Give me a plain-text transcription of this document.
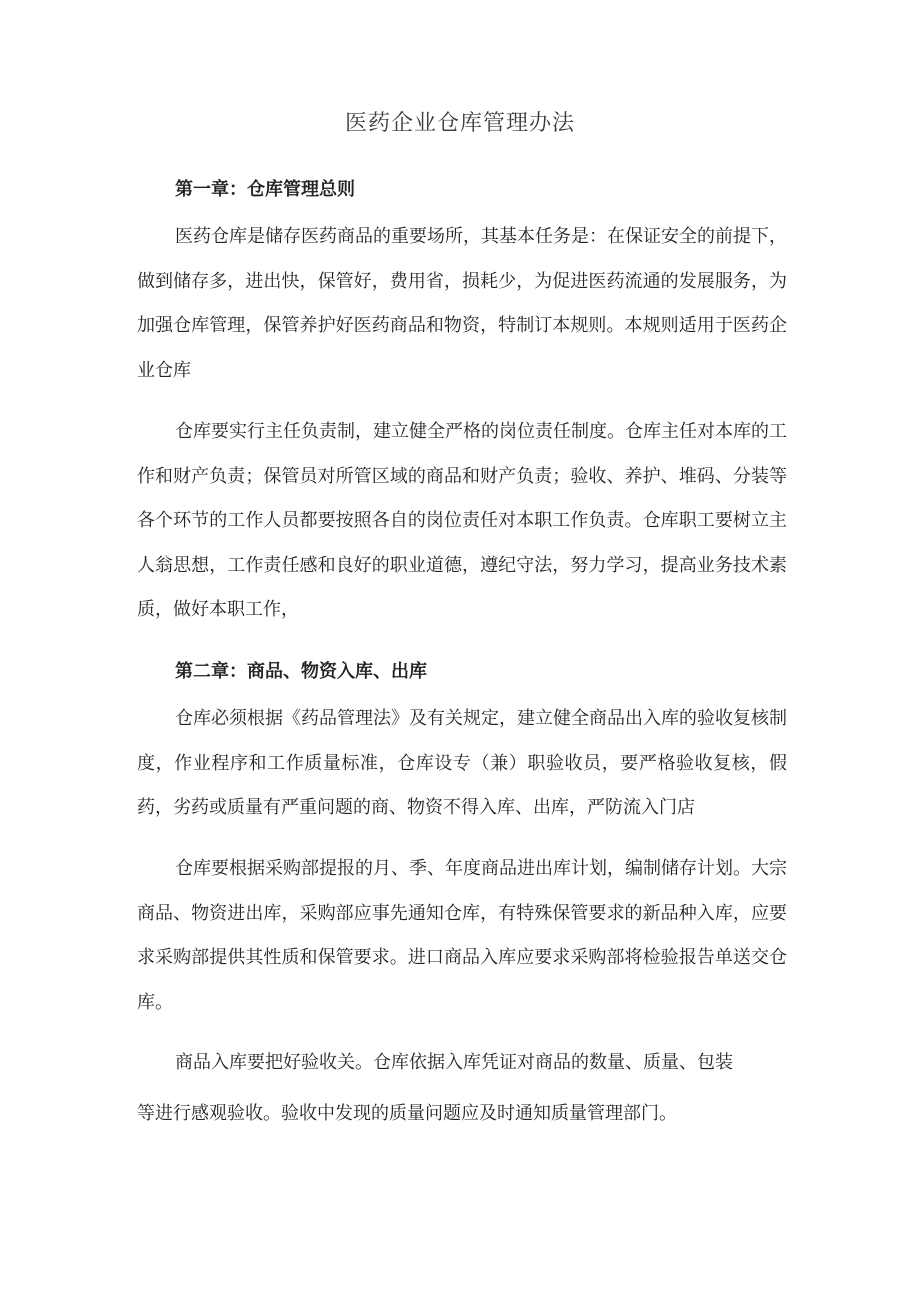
医药企业仓库管理办法

第一章：仓库管理总则

医药仓库是储存医药商品的重要场所，其基本任务是：在保证安全的前提下，做到储存多，进出快，保管好，费用省，损耗少，为促进医药流通的发展服务，为加强仓库管理，保管养护好医药商品和物资，特制订本规则。本规则适用于医药企业仓库

仓库要实行主任负责制，建立健全严格的岗位责任制度。仓库主任对本库的工作和财产负责；保管员对所管区域的商品和财产负责；验收、养护、堆码、分装等各个环节的工作人员都要按照各自的岗位责任对本职工作负责。仓库职工要树立主人翁思想，工作责任感和良好的职业道德，遵纪守法，努力学习，提高业务技术素质，做好本职工作，

第二章：商品、物资入库、出库

仓库必须根据《药品管理法》及有关规定，建立健全商品出入库的验收复核制度，作业程序和工作质量标准，仓库设专（兼）职验收员，要严格验收复核，假药，劣药或质量有严重问题的商、物资不得入库、出库，严防流入门店

仓库要根据采购部提报的月、季、年度商品进出库计划，编制储存计划。大宗商品、物资进出库，采购部应事先通知仓库，有特殊保管要求的新品种入库，应要求采购部提供其性质和保管要求。进口商品入库应要求采购部将检验报告单送交仓库。

商品入库要把好验收关。仓库依据入库凭证对商品的数量、质量、包装

等进行感观验收。验收中发现的质量问题应及时通知质量管理部门。
